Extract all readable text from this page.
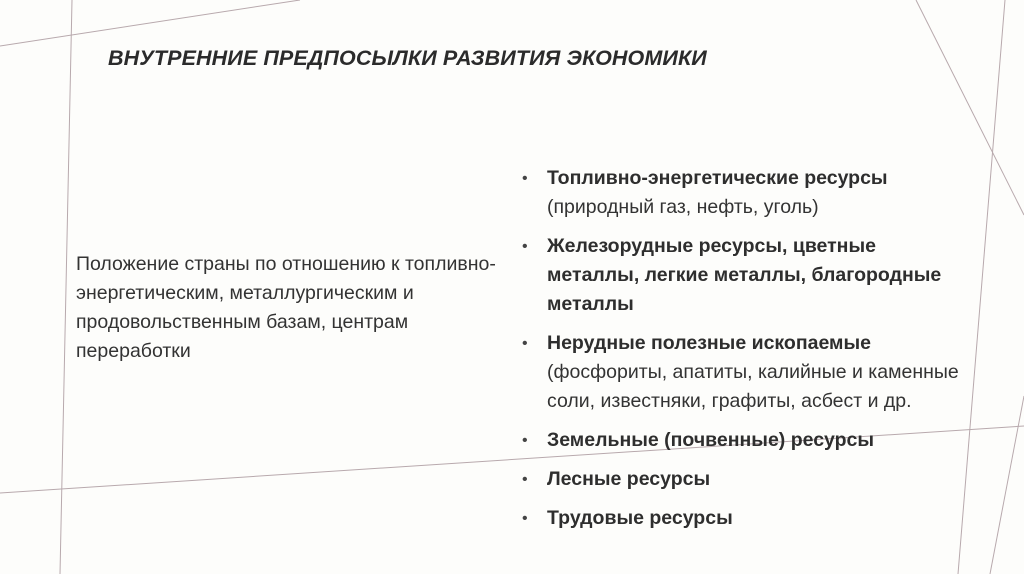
ВНУТРЕННИЕ ПРЕДПОСЫЛКИ РАЗВИТИЯ ЭКОНОМИКИ

Положение страны по отношению к топливно-энергетическим, металлургическим и продовольственным базам, центрам переработки

• Топливно-энергетические ресурсы (природный газ, нефть, уголь)
• Железорудные ресурсы, цветные металлы, легкие металлы, благородные металлы
• Нерудные полезные ископаемые (фосфориты, апатиты, калийные и каменные соли, известняки, графиты, асбест и др.
• Земельные (почвенные) ресурсы
• Лесные ресурсы
• Трудовые ресурсы
